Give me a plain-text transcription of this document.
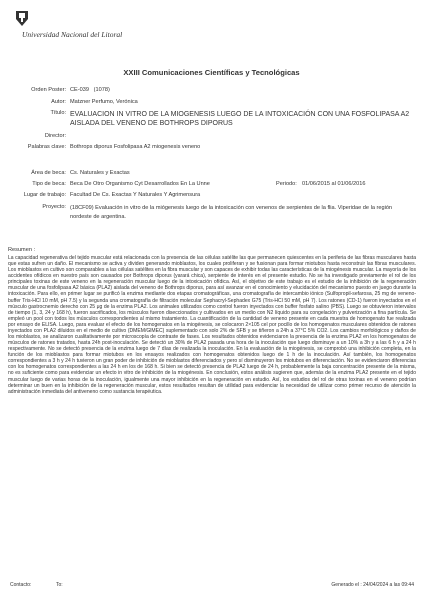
Universidad Nacional del Litoral
XXIII Comunicaciones Científicas y Tecnológicas
Orden Poster: CE-039 (1078)
Autor: Matzner Perfumo, Verónica
Título: EVALUACION IN VITRO DE LA MIOGENESIS LUEGO DE LA INTOXICACIÓN CON UNA FOSFOLIPASA A2 AISLADA DEL VENENO DE BOTHROPS DIPORUS
Director:
Palabras clave: Bothrops diporus Fosfolipasa A2 miogenesis veneno
Área de beca: Cs. Naturales y Exactas
Tipo de beca: Beca De Otro Organismo Cyt Desarrollados En La Unne	Periodo: 01/06/2015 al 01/06/2016
Lugar de trabajo: Facultad De Cs. Exactas Y Naturales Y Agrimensura
Proyecto: (18CF09) Evaluación in vitro de la miógenesis luego de la intoxicación con venenos de serpientes de la flia. Viperidae de la región nordeste de argentina.
Resumen :
La capacidad regenerativa del tejido muscular está relacionada con la presencia de las células satélite las que permanecen quiescentes en la periferia de las fibras musculares hasta que estas sufren un daño. El mecanismo se activa y dividen generando mioblastos, los cuales proliferan y se fusionan para formar miotubos hasta reconstruir las fibras musculares. Los mioblastos en cultivo son comparables a las células satélites en la fibra muscular y son capaces de exhibir todas las características de la miogénesis muscular. La mayoría de los accidentes ofídicos en nuestro país son causados por Bothrops diporus (yarará chica), serpiente de interés en el presente estudio. No se ha investigado previamente el rol de los principales toxinas de este veneno en la regeneración muscular luego de la intoxicación ofídica. Así, el objetivo de este trabajo es el estudio de la inhibición de la regeneración muscular de una fosfolipasa A2 básica (PLA2) aislada del veneno de Bothrops diporus, para así avanzar en el conocimiento y elucidación del mecanismo puesto en juego durante la intoxicación. Para ello, en primer lugar se purificó la enzima mediante dos etapas cromatográficas, una cromatografía de intercambio iónico (Sulfopropil-sefarosa, 25 mg de veneno-buffer Tris-HCl 10 mM, pH 7.5) y la segunda una cromatografía de filtración molecular Sephacryl-Sephadex G75 (Tris-HCl 50 mM, pH 7). Los ratones (CD-1) fueron inyectados en el músculo gastrocnemio derecho con 25 μg de la enzima PLA2. Los animales utilizados como control fueron inyectados con buffer fosfato salino (PBS). Luego se obtuvieron intervalos de tiempo (1, 3, 24 y 168 h), fueron sacrificados, los músculos fueron diseccionados y cultivados en un medio con N2 líquido para su congelación y pulverización a fina partícula. Se empleó un pool con todos los músculos correspondientes al mismo tratamiento. La cuantificación de la cantidad de veneno presente en cada muestra de homogenato fue realizada por ensayo de ELISA. Luego, para evaluar el efecto de los homogenatos en la miogénesis, se colocaron 2×105 cel por pocillo de los homogenatos musculares obtenidos de ratones inyectados con PLA2 diluidos en el medio de cultivo (DMEM/GlMEC) suplementado con solo 2% de SFB y se tiñeron a 24h a 37°C 5% CO2. Los cambios morfológicos y daños de los mioblastos, se analizaron cualitativamente por microscopía de contraste de fases. Los resultados obtenidos evidenciaron la presencia de la enzima PLA2 en los homogenatos de músculos de ratones tratados, hasta 24h post-inoculación. Se detectó un 30% de PLA2 pasada una hora de la inoculación que luego disminuye a un 10% a 3h y a las 6 h y a 24 h respectivamente. No se detectó presencia de la enzima luego de 7 días de realizada la inoculación. En la evaluación de la miogénesis, se comprobó una inhibición completa, en la función de los mioblastos para formar miotubos en los ensayos realizados con homogenatos obtenidos luego de 1 h de la inoculación. Así también, los homogenatos correspondientes a 3 h y 24 h tuvieron un gran poder de inhibición de mioblastos diferenciados y pero sí disminuyeron los miotubos en diferenciación. No se evidenciaron diferencias con los homogenatos correspondientes a las 24 h en los de 168 h. Si bien se detectó presencia de PLA2 luego de 24 h, probablemente la baja concentración presente de la misma, no es suficiente como para evidenciar un efecto in vitro de inhibición de la miogénesis. En conclusión, estos análisis sugieren que, además de la enzima PLA2 presente en el tejido muscular luego de varias horas de la inoculación, igualmente una mayor inhibición en la regeneración en estudio. Así, los estudios del rol de otras toxinas en el veneno podrían determinar un buen en la inhibición de la regeneración muscular, estos resultados resultan de utilidad para evidenciar la necesidad de utilizar como primer recurso de atención la administración inmediata del antiveneno como sustancia terapéutica.
Contacto:	To:	Generado el : 24/04/2024 a las 09:44
